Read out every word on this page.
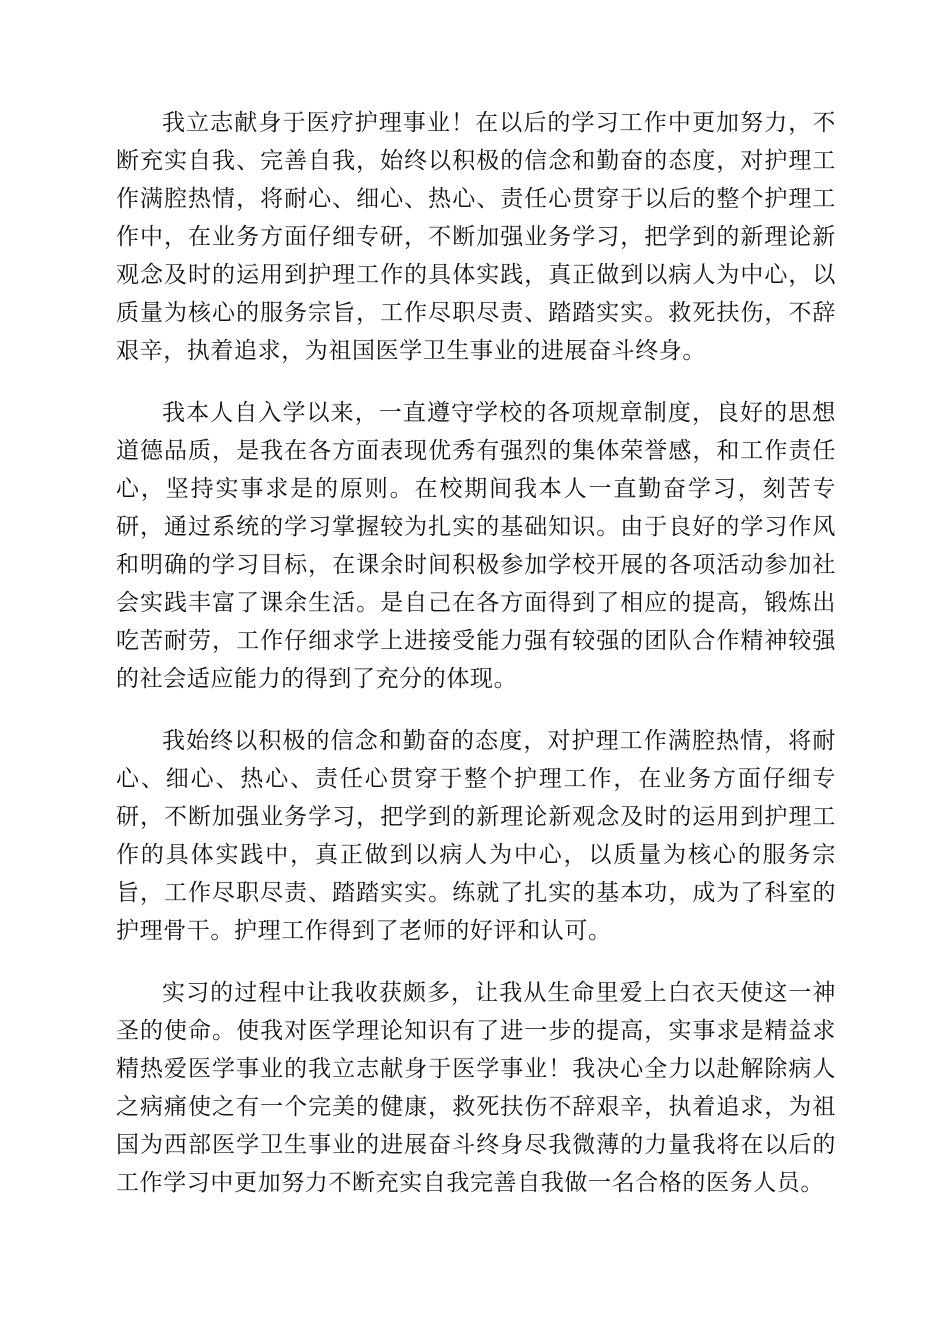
我立志献身于医疗护理事业！在以后的学习工作中更加努力，不断充实自我、完善自我，始终以积极的信念和勤奋的态度，对护理工作满腔热情，将耐心、细心、热心、责任心贯穿于以后的整个护理工作中，在业务方面仔细专研，不断加强业务学习，把学到的新理论新观念及时的运用到护理工作的具体实践，真正做到以病人为中心，以质量为核心的服务宗旨，工作尽职尽责、踏踏实实。救死扶伤，不辞艰辛，执着追求，为祖国医学卫生事业的进展奋斗终身。

我本人自入学以来，一直遵守学校的各项规章制度，良好的思想道德品质，是我在各方面表现优秀有强烈的集体荣誉感，和工作责任心，坚持实事求是的原则。在校期间我本人一直勤奋学习，刻苦专研，通过系统的学习掌握较为扎实的基础知识。由于良好的学习作风和明确的学习目标，在课余时间积极参加学校开展的各项活动参加社会实践丰富了课余生活。是自己在各方面得到了相应的提高，锻炼出吃苦耐劳，工作仔细求学上进接受能力强有较强的团队合作精神较强的社会适应能力的得到了充分的体现。

我始终以积极的信念和勤奋的态度，对护理工作满腔热情，将耐心、细心、热心、责任心贯穿于整个护理工作，在业务方面仔细专研，不断加强业务学习，把学到的新理论新观念及时的运用到护理工作的具体实践中，真正做到以病人为中心，以质量为核心的服务宗旨，工作尽职尽责、踏踏实实。练就了扎实的基本功，成为了科室的护理骨干。护理工作得到了老师的好评和认可。

实习的过程中让我收获颇多，让我从生命里爱上白衣天使这一神圣的使命。使我对医学理论知识有了进一步的提高，实事求是精益求精热爱医学事业的我立志献身于医学事业！我决心全力以赴解除病人之病痛使之有一个完美的健康，救死扶伤不辞艰辛，执着追求，为祖国为西部医学卫生事业的进展奋斗终身尽我微薄的力量我将在以后的工作学习中更加努力不断充实自我完善自我做一名合格的医务人员。
